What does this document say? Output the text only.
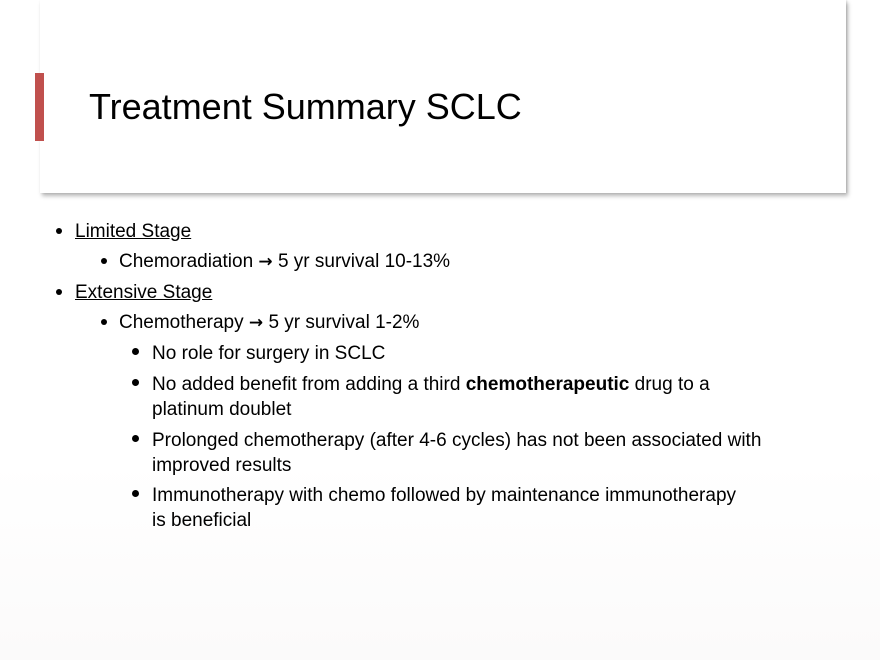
Treatment Summary SCLC
Limited Stage
Chemoradiation → 5 yr survival 10-13%
Extensive Stage
Chemotherapy → 5 yr survival 1-2%
No role for surgery in SCLC
No added benefit from adding a third chemotherapeutic drug to a
platinum doublet
Prolonged chemotherapy (after 4-6 cycles) has not been associated with
improved results
Immunotherapy with chemo followed by maintenance immunotherapy
is beneficial
